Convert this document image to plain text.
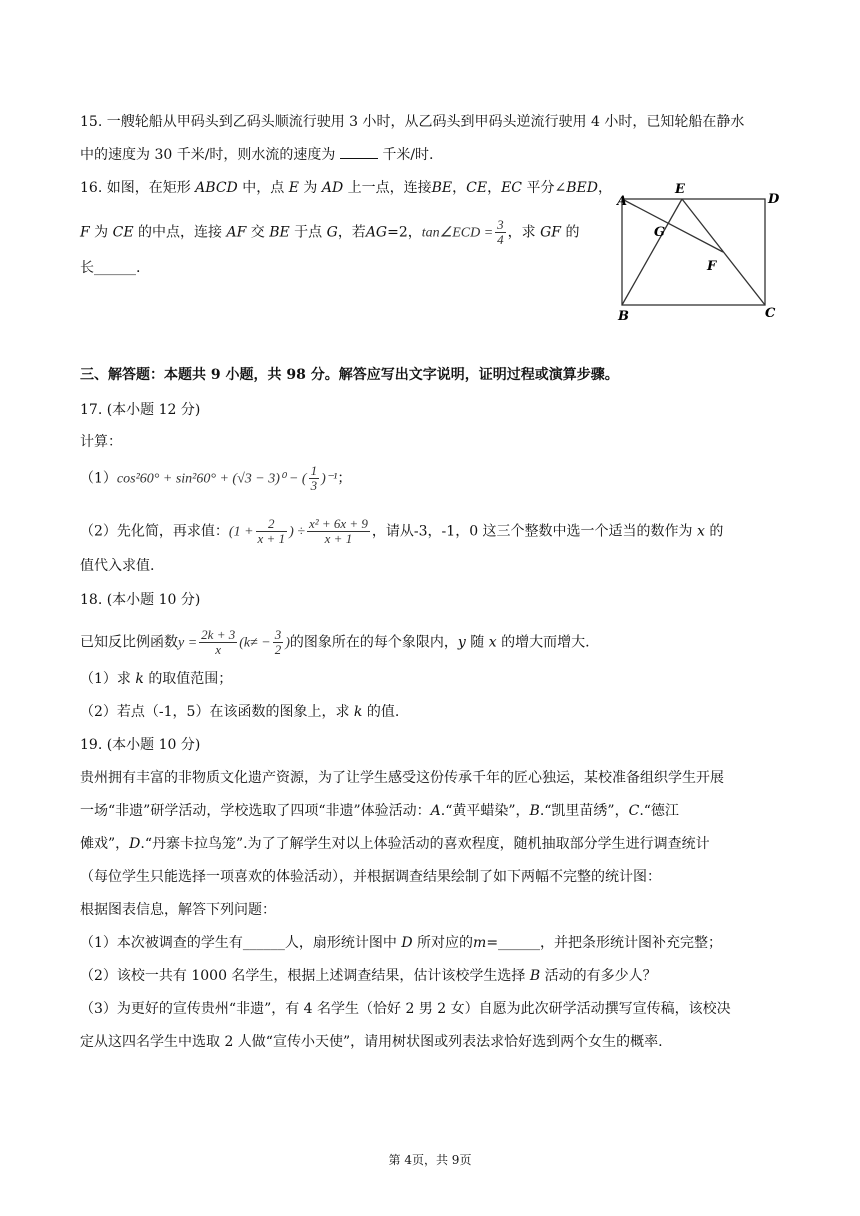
15. 一艘轮船从甲码头到乙码头顺流行驶用 3 小时，从乙码头到甲码头逆流行驶用 4 小时，已知轮船在静水
中的速度为 30 千米/时，则水流的速度为	千米/时.
16. 如图，在矩形 ABCD 中，点 E 为 AD 上一点，连接BE，CE，EC 平分∠BED，
F 为 CE 的中点，连接 AF 交 BE 于点 G，若AG=2，tan∠ECD = $\frac{3}{4}$ ，求 GF 的
长______.
A
E
D
G
F
B	C
三、解答题：本题共 9 小题，共 98 分。解答应写出文字说明，证明过程或演算步骤。
17. (本小题 12 分)
计算：
（1）cos²60° + sin²60° + (√3 − 3)⁰ − ( $\frac{1}{3} )^{-1}$；
（2）先化简，再求值：($1 + \frac{2}{x + 1}$ ) ÷ $\frac{\text{x² + 6x + 9}}{x + 1}$ ，请从-3，-1，0 这三个整数中选一个适当的数作为 x 的
值代入求值.
18. (本小题 10 分)
已知反比例函数$y = \frac{2k + 3}{x} (k\ne - \frac{3}{2}$ )的图象所在的每个象限内，y 随 x 的增大而增大.
（1）求 k 的取值范围；
（2）若点（-1，5）在该函数的图象上，求 k 的值.
19. (本小题 10 分)
贵州拥有丰富的非物质文化遗产资源，为了让学生感受这份传承千年的匠心独运，某校准备组织学生开展
一场“非遗”研学活动，学校选取了四项“非遗”体验活动：A.“黄平蜡染”，B.“凯里苗绣”，C.“德江
傩戏”，D.“丹寨卡拉鸟笼”.为了了解学生对以上体验活动的喜欢程度，随机抽取部分学生进行调查统计
（每位学生只能选择一项喜欢的体验活动），并根据调查结果绘制了如下两幅不完整的统计图：
根据图表信息，解答下列问题：
（1）本次被调查的学生有______人，扇形统计图中 D 所对应的m=______，并把条形统计图补充完整；
（2）该校一共有 1000 名学生，根据上述调查结果，估计该校学生选择 B 活动的有多少人？
（3）为更好的宣传贵州“非遗”，有 4 名学生（恰好 2 男 2 女）自愿为此次研学活动撰写宣传稿，该校决
定从这四名学生中选取 2 人做“宣传小天使”，请用树状图或列表法求恰好选到两个女生的概率.
第 4页，共 9页
